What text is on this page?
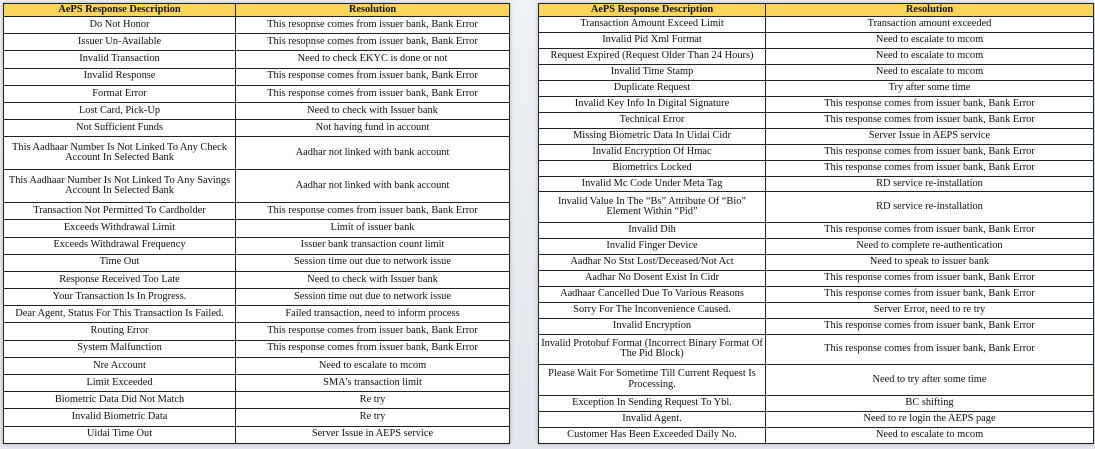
AePS Response Description	Resolution
Do Not Honor	This resopnse comes from issuer bank, Bank Error
Issuer Un-Available	This resopnse comes from issuer bank, Bank Error
Invalid Transaction	Need to check EKYC is done or not
Invalid Response	This response comes from issuer bank, Bank Error
Format Error	This response comes from issuer bank, Bank Error
Lost Card, Pick-Up	Need to check with Issuer bank
Not Sufficient Funds	Not having fund in account
This Aadhaar Number Is Not Linked To Any Check Account In Selected Bank	Aadhar not linked with bank account
This Aadhaar Number Is Not Linked To Any Savings Account In Selected Bank	Aadhar not linked with bank account
Transaction Not Permitted To Cardholder	This response comes from issuer bank, Bank Error
Exceeds Withdrawal Limit	Limit of issuer bank
Exceeds Withdrawal Frequency	Issuer bank transaction count limit
Time Out	Session time out due to network issue
Response Received Too Late	Need to check with Issuer bank
Your Transaction Is In Progress.	Session time out due to network issue
Dear Agent, Status For This Transaction Is Failed.	Failed transaction, need to inform process
Routing Error	This response comes from issuer bank, Bank Error
System Malfunction	This response comes from issuer bank, Bank Error
Nre Account	Need to escalate to mcom
Limit Exceeded	SMA's transaction limit
Biometric Data Did Not Match	Re try
Invalid Biometric Data	Re try
Uidai Time Out	Server Issue in AEPS service
AePS Response Description	Resolution
Transaction Amount Exceed Limit	Transaction amount exceeded
Invalid Pid Xml Format	Need to escalate to mcom
Request Expired (Request Older Than 24 Hours)	Need to escalate to mcom
Invalid Time Stamp	Need to escalate to mcom
Duplicate Request	Try after some time
Invalid Key Info In Digital Signature	This response comes from issuer bank, Bank Error
Technical Error	This response comes from issuer bank, Bank Error
Missing Biometric Data In Uidai Cidr	Server Issue in AEPS service
Invalid Encryption Of Hmac	This response comes from issuer bank, Bank Error
Biometrics Locked	This response comes from issuer bank, Bank Error
Invalid Mc Code Under Meta Tag	RD service re-installation
Invalid Value In The “Bs” Attribute Of “Bio” Element Within “Pid”	RD service re-installation
Invalid Dih	This response comes from issuer bank, Bank Error
Invalid Finger Device	Need to complete re-authentication
Aadhar No Stst Lost/Deceased/Not Act	Need to speak to issuer bank
Aadhar No Dosent Exist In Cidr	This response comes from issuer bank, Bank Error
Aadhaar Cancelled Due To Various Reasons	This response comes from issuer bank, Bank Error
Sorry For The Inconvenience Caused.	Server Error, need to re try
Invalid Encryption	This response comes from issuer bank, Bank Error
Invalid Protobuf Format (Incorrect Binary Format Of The Pid Block)	This response comes from issuer bank, Bank Error
Please Wait For Sometime Till Current Request Is Processing.	Need to try after some time
Exception In Sending Request To Ybl.	BC shifting
Invalid Agent.	Need to re login the AEPS page
Customer Has Been Exceeded Daily No.	Need to escalate to mcom
